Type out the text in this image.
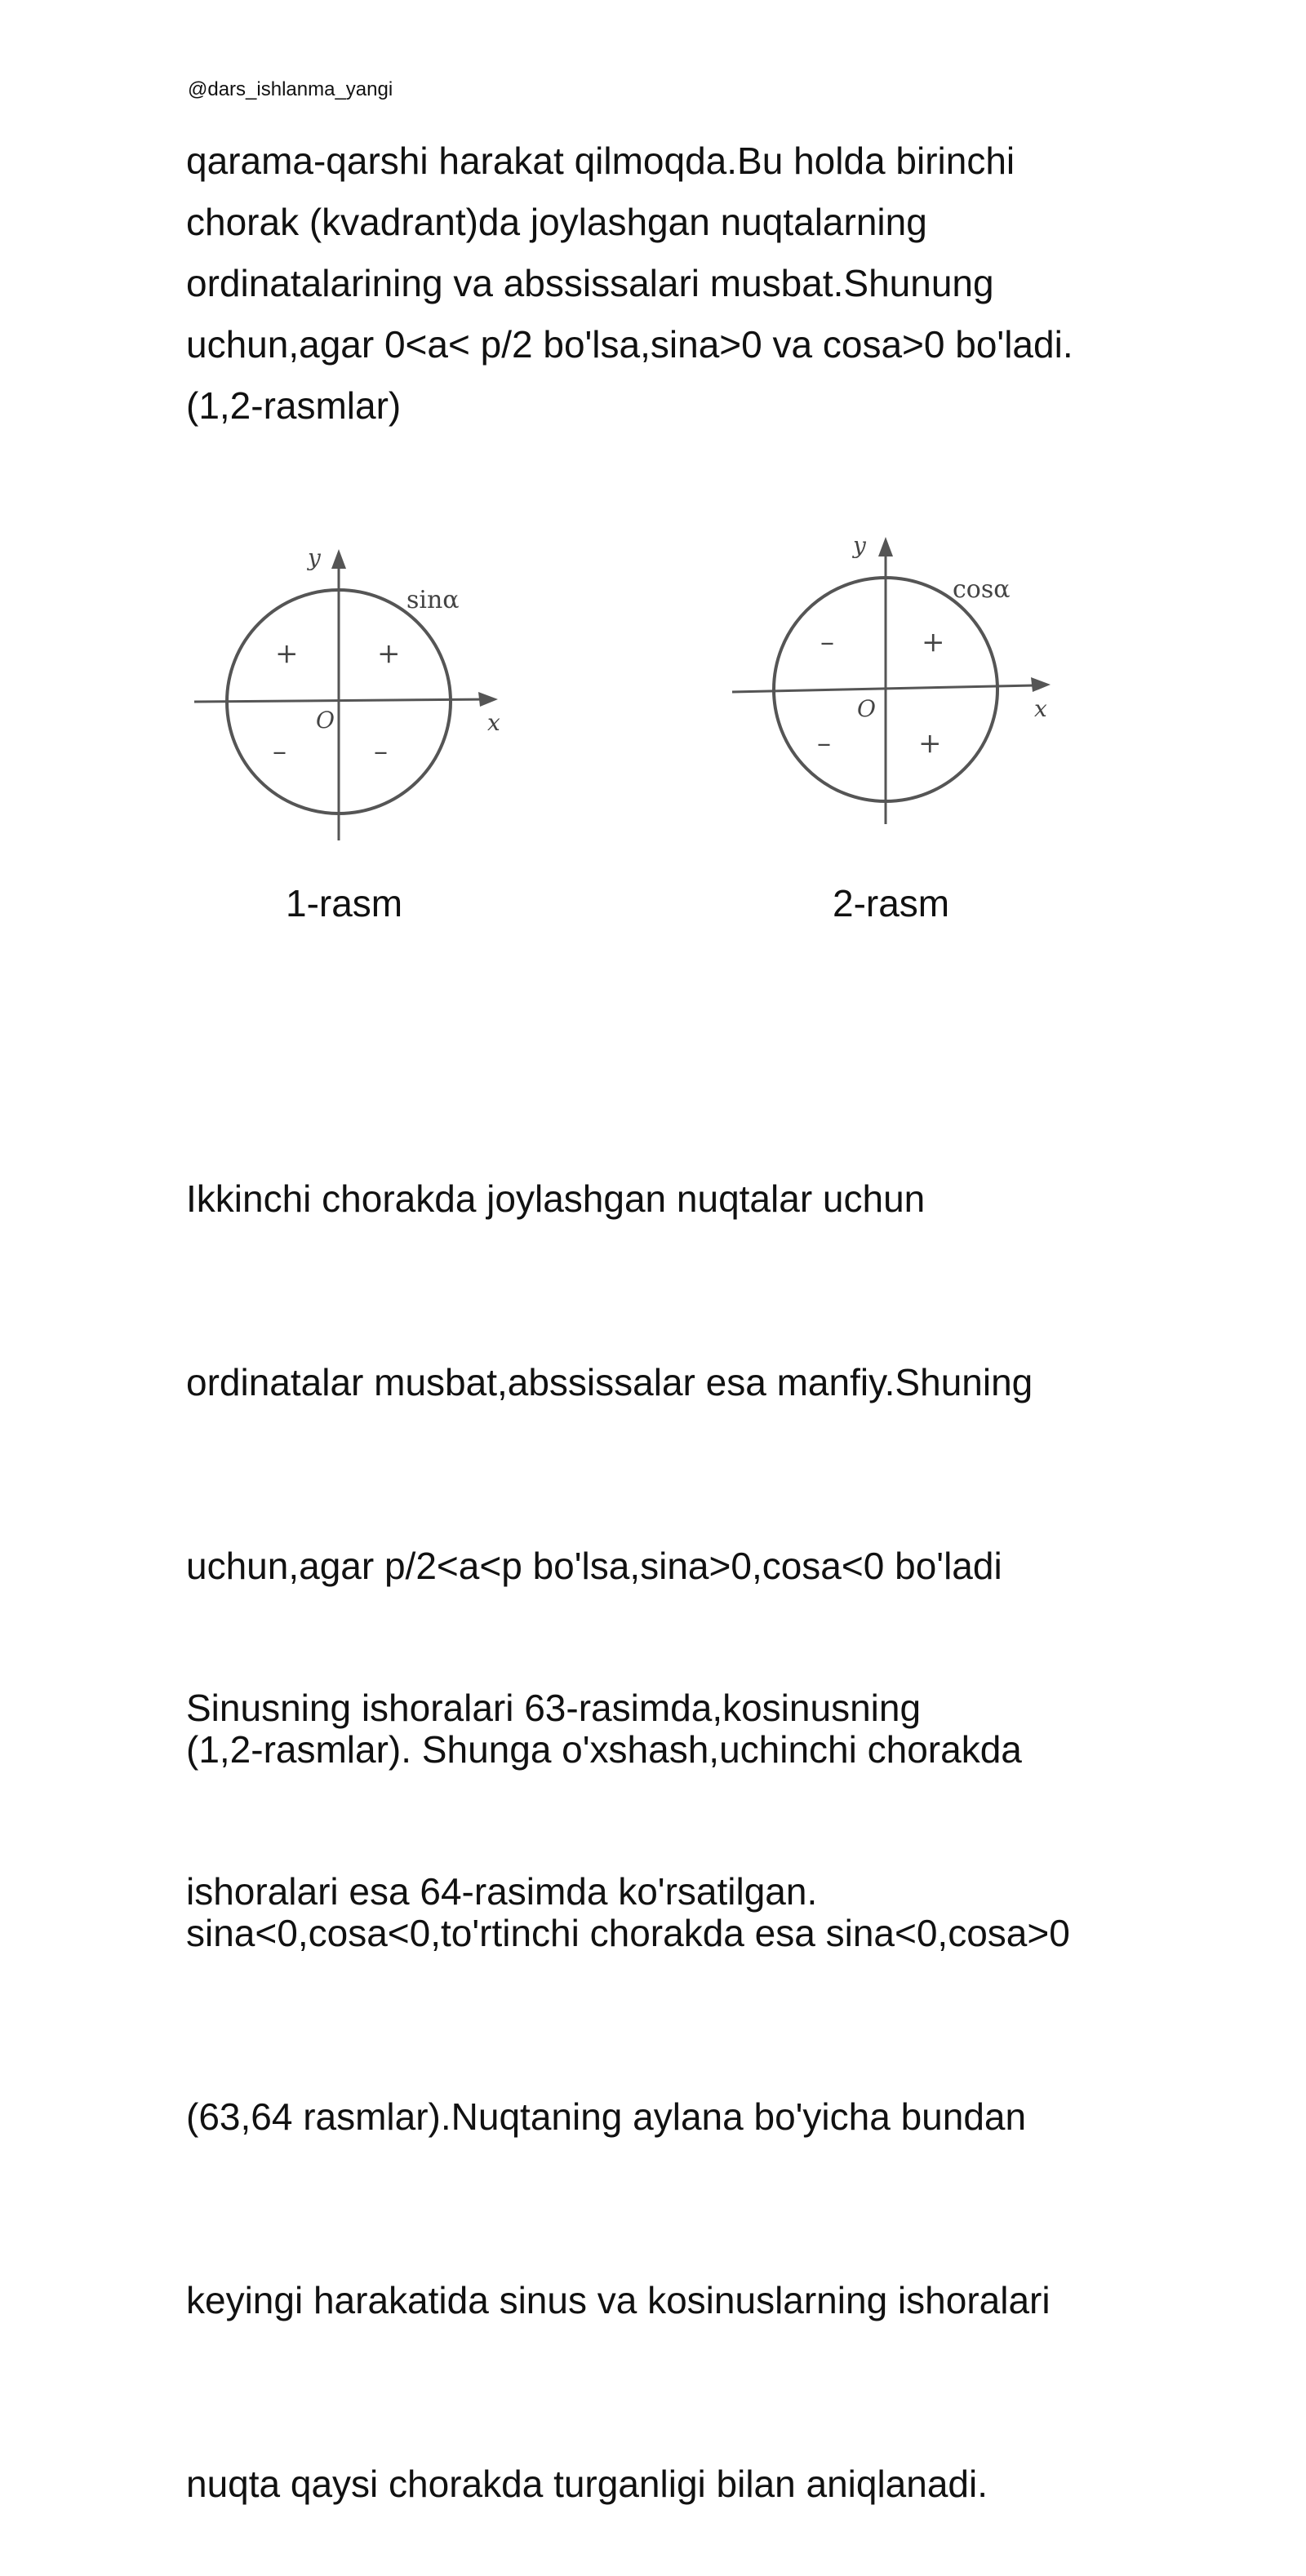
@dars_ishlanma_yangi
qarama-qarshi harakat qilmoqda.Bu holda birinchi
chorak (kvadrant)da joylashgan nuqtalarning
ordinatalarining va abssissalari musbat.Shunung
uchun,agar 0<a< p/2 bo'lsa,sina>0 va cosa>0 bo'ladi.
(1,2-rasmlar)
y
x
O
sinα
+
+
–	–
y
x
O
cosα
+
–
–	+
1-rasm	2-rasm

Ikkinchi chorakda joylashgan nuqtalar uchun

ordinatalar musbat,abssissalar esa manfiy.Shuning

uchun,agar p/2<a<p bo'lsa,sina>0,cosa<0 bo'ladi

(1,2-rasmlar). Shunga o'xshash,uchinchi chorakda

sina<0,cosa<0,to'rtinchi chorakda esa sina<0,cosa>0

(63,64 rasmlar).Nuqtaning aylana bo'yicha bundan

keyingi harakatida sinus va kosinuslarning ishoralari

nuqta qaysi chorakda turganligi bilan aniqlanadi.

Sinusning ishoralari 63-rasimda,kosinusning

ishoralari esa 64-rasimda ko'rsatilgan.
